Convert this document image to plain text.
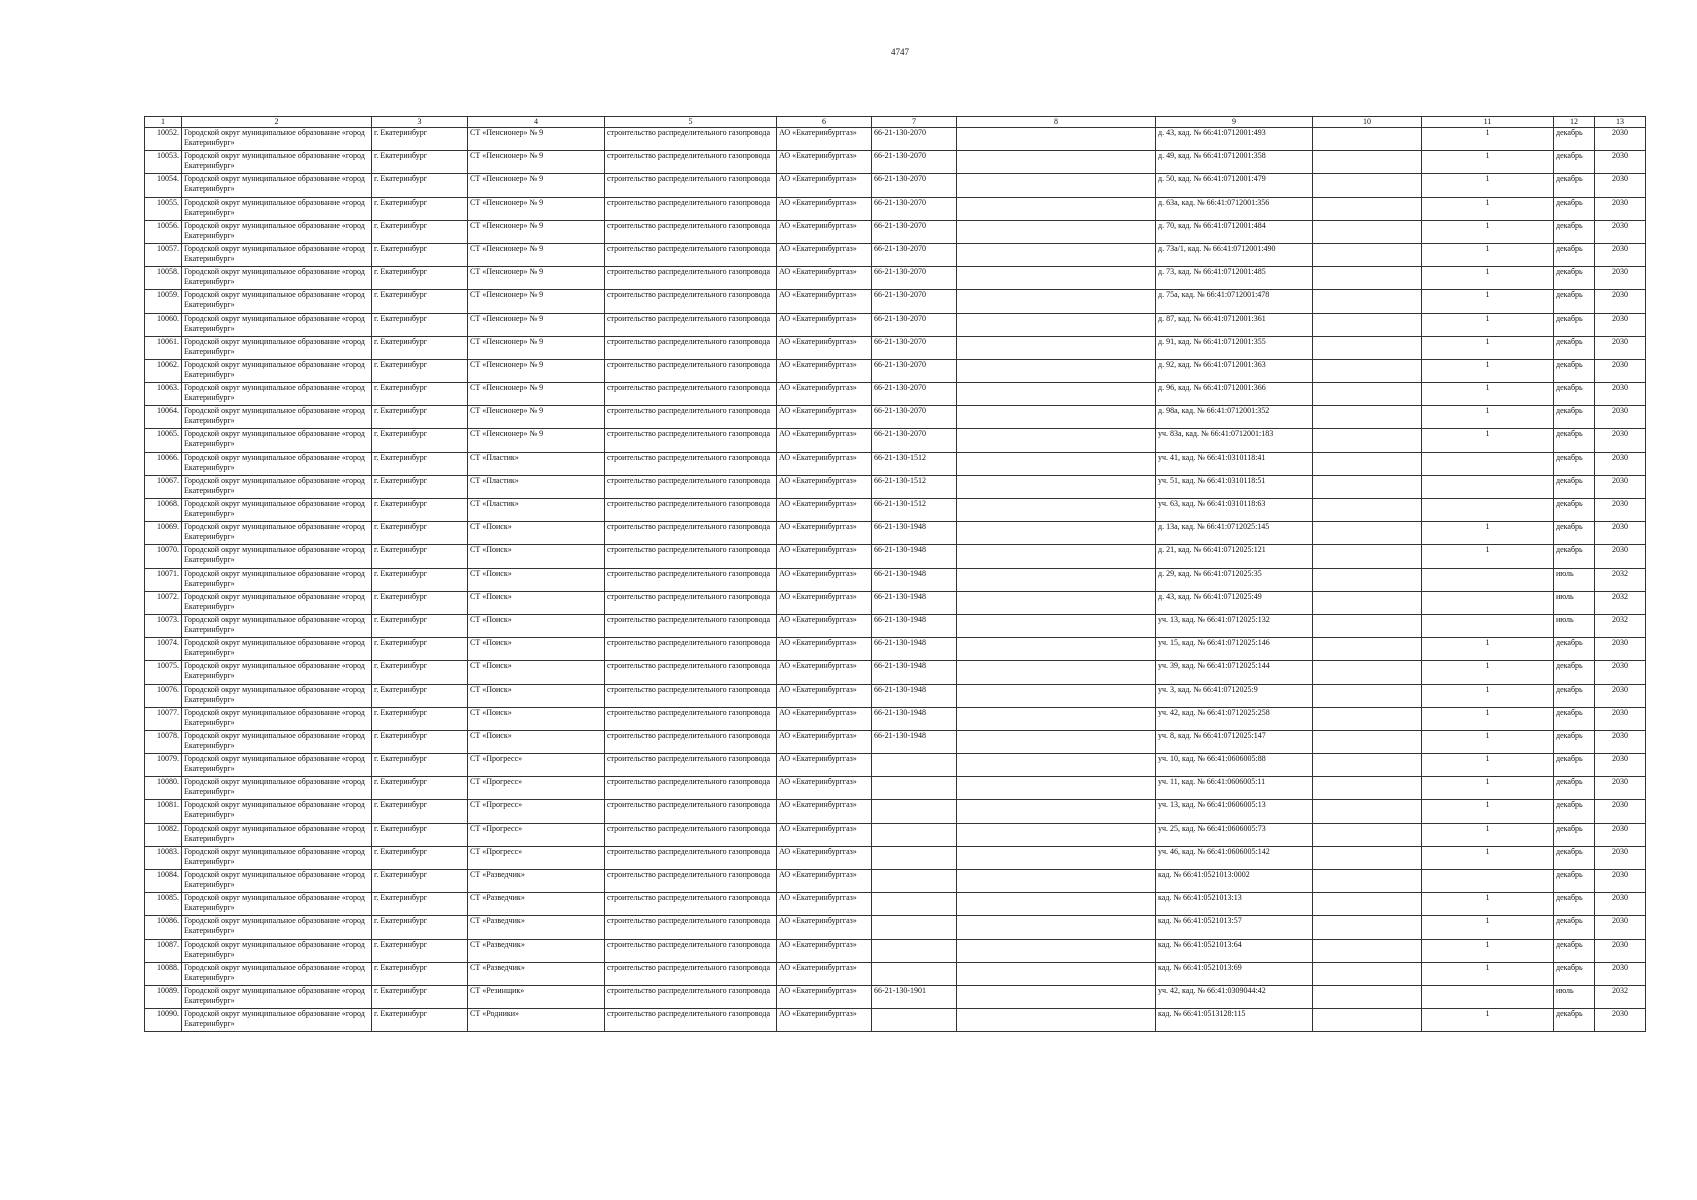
4747
1	2	3	4	5	6	7	8	9	10	11	12	13
10052.	Городской округ муниципальное образование «город Екатеринбург»	г. Екатеринбург	СТ «Пенсионер» № 9	строительство распределительного газопровода	АО «Екатеринбурггаз»	66-21-130-2070		д. 43, кад. № 66:41:0712001:493		1	декабрь	2030
10053.	Городской округ муниципальное образование «город Екатеринбург»	г. Екатеринбург	СТ «Пенсионер» № 9	строительство распределительного газопровода	АО «Екатеринбурггаз»	66-21-130-2070		д. 49, кад. № 66:41:0712001:358		1	декабрь	2030
10054.	Городской округ муниципальное образование «город Екатеринбург»	г. Екатеринбург	СТ «Пенсионер» № 9	строительство распределительного газопровода	АО «Екатеринбурггаз»	66-21-130-2070		д. 50, кад. № 66:41:0712001:479		1	декабрь	2030
10055.	Городской округ муниципальное образование «город Екатеринбург»	г. Екатеринбург	СТ «Пенсионер» № 9	строительство распределительного газопровода	АО «Екатеринбурггаз»	66-21-130-2070		д. 63а, кад. № 66:41:0712001:356		1	декабрь	2030
10056.	Городской округ муниципальное образование «город Екатеринбург»	г. Екатеринбург	СТ «Пенсионер» № 9	строительство распределительного газопровода	АО «Екатеринбурггаз»	66-21-130-2070		д. 70, кад. № 66:41:0712001:484		1	декабрь	2030
10057.	Городской округ муниципальное образование «город Екатеринбург»	г. Екатеринбург	СТ «Пенсионер» № 9	строительство распределительного газопровода	АО «Екатеринбурггаз»	66-21-130-2070		д. 73а/1, кад. № 66:41:0712001:490		1	декабрь	2030
10058.	Городской округ муниципальное образование «город Екатеринбург»	г. Екатеринбург	СТ «Пенсионер» № 9	строительство распределительного газопровода	АО «Екатеринбурггаз»	66-21-130-2070		д. 73, кад. № 66:41:0712001:485		1	декабрь	2030
10059.	Городской округ муниципальное образование «город Екатеринбург»	г. Екатеринбург	СТ «Пенсионер» № 9	строительство распределительного газопровода	АО «Екатеринбурггаз»	66-21-130-2070		д. 75а, кад. № 66:41:0712001:478		1	декабрь	2030
10060.	Городской округ муниципальное образование «город Екатеринбург»	г. Екатеринбург	СТ «Пенсионер» № 9	строительство распределительного газопровода	АО «Екатеринбурггаз»	66-21-130-2070		д. 87, кад. № 66:41:0712001:361		1	декабрь	2030
10061.	Городской округ муниципальное образование «город Екатеринбург»	г. Екатеринбург	СТ «Пенсионер» № 9	строительство распределительного газопровода	АО «Екатеринбурггаз»	66-21-130-2070		д. 91, кад. № 66:41:0712001:355		1	декабрь	2030
10062.	Городской округ муниципальное образование «город Екатеринбург»	г. Екатеринбург	СТ «Пенсионер» № 9	строительство распределительного газопровода	АО «Екатеринбурггаз»	66-21-130-2070		д. 92, кад. № 66:41:0712001:363		1	декабрь	2030
10063.	Городской округ муниципальное образование «город Екатеринбург»	г. Екатеринбург	СТ «Пенсионер» № 9	строительство распределительного газопровода	АО «Екатеринбурггаз»	66-21-130-2070		д. 96, кад. № 66:41:0712001:366		1	декабрь	2030
10064.	Городской округ муниципальное образование «город Екатеринбург»	г. Екатеринбург	СТ «Пенсионер» № 9	строительство распределительного газопровода	АО «Екатеринбурггаз»	66-21-130-2070		д. 98а, кад. № 66:41:0712001:352		1	декабрь	2030
10065.	Городской округ муниципальное образование «город Екатеринбург»	г. Екатеринбург	СТ «Пенсионер» № 9	строительство распределительного газопровода	АО «Екатеринбурггаз»	66-21-130-2070		уч. 83а, кад. № 66:41:0712001:183		1	декабрь	2030
10066.	Городской округ муниципальное образование «город Екатеринбург»	г. Екатеринбург	СТ «Пластик»	строительство распределительного газопровода	АО «Екатеринбурггаз»	66-21-130-1512		уч. 41, кад. № 66:41:0310118:41			декабрь	2030
10067.	Городской округ муниципальное образование «город Екатеринбург»	г. Екатеринбург	СТ «Пластик»	строительство распределительного газопровода	АО «Екатеринбурггаз»	66-21-130-1512		уч. 51, кад. № 66:41:0310118:51			декабрь	2030
10068.	Городской округ муниципальное образование «город Екатеринбург»	г. Екатеринбург	СТ «Пластик»	строительство распределительного газопровода	АО «Екатеринбурггаз»	66-21-130-1512		уч. 63, кад. № 66:41:0310118:63			декабрь	2030
10069.	Городской округ муниципальное образование «город Екатеринбург»	г. Екатеринбург	СТ «Поиск»	строительство распределительного газопровода	АО «Екатеринбурггаз»	66-21-130-1948		д. 13а, кад. № 66:41:0712025:145		1	декабрь	2030
10070.	Городской округ муниципальное образование «город Екатеринбург»	г. Екатеринбург	СТ «Поиск»	строительство распределительного газопровода	АО «Екатеринбурггаз»	66-21-130-1948		д. 21, кад. № 66:41:0712025:121		1	декабрь	2030
10071.	Городской округ муниципальное образование «город Екатеринбург»	г. Екатеринбург	СТ «Поиск»	строительство распределительного газопровода	АО «Екатеринбурггаз»	66-21-130-1948		д. 29, кад. № 66:41:0712025:35			июль	2032
10072.	Городской округ муниципальное образование «город Екатеринбург»	г. Екатеринбург	СТ «Поиск»	строительство распределительного газопровода	АО «Екатеринбурггаз»	66-21-130-1948		д. 43, кад. № 66:41:0712025:49			июль	2032
10073.	Городской округ муниципальное образование «город Екатеринбург»	г. Екатеринбург	СТ «Поиск»	строительство распределительного газопровода	АО «Екатеринбурггаз»	66-21-130-1948		уч. 13, кад. № 66:41:0712025:132			июль	2032
10074.	Городской округ муниципальное образование «город Екатеринбург»	г. Екатеринбург	СТ «Поиск»	строительство распределительного газопровода	АО «Екатеринбурггаз»	66-21-130-1948		уч. 15, кад. № 66:41:0712025:146		1	декабрь	2030
10075.	Городской округ муниципальное образование «город Екатеринбург»	г. Екатеринбург	СТ «Поиск»	строительство распределительного газопровода	АО «Екатеринбурггаз»	66-21-130-1948		уч. 39, кад. № 66:41:0712025:144		1	декабрь	2030
10076.	Городской округ муниципальное образование «город Екатеринбург»	г. Екатеринбург	СТ «Поиск»	строительство распределительного газопровода	АО «Екатеринбурггаз»	66-21-130-1948		уч. 3, кад. № 66:41:0712025:9		1	декабрь	2030
10077.	Городской округ муниципальное образование «город Екатеринбург»	г. Екатеринбург	СТ «Поиск»	строительство распределительного газопровода	АО «Екатеринбурггаз»	66-21-130-1948		уч. 42, кад. № 66:41:0712025:258		1	декабрь	2030
10078.	Городской округ муниципальное образование «город Екатеринбург»	г. Екатеринбург	СТ «Поиск»	строительство распределительного газопровода	АО «Екатеринбурггаз»	66-21-130-1948		уч. 8, кад. № 66:41:0712025:147		1	декабрь	2030
10079.	Городской округ муниципальное образование «город Екатеринбург»	г. Екатеринбург	СТ «Прогресс»	строительство распределительного газопровода	АО «Екатеринбурггаз»			уч. 10, кад. № 66:41:0606005:88		1	декабрь	2030
10080.	Городской округ муниципальное образование «город Екатеринбург»	г. Екатеринбург	СТ «Прогресс»	строительство распределительного газопровода	АО «Екатеринбурггаз»			уч. 11, кад. № 66:41:0606005:11		1	декабрь	2030
10081.	Городской округ муниципальное образование «город Екатеринбург»	г. Екатеринбург	СТ «Прогресс»	строительство распределительного газопровода	АО «Екатеринбурггаз»			уч. 13, кад. № 66:41:0606005:13		1	декабрь	2030
10082.	Городской округ муниципальное образование «город Екатеринбург»	г. Екатеринбург	СТ «Прогресс»	строительство распределительного газопровода	АО «Екатеринбурггаз»			уч. 25, кад. № 66:41:0606005:73		1	декабрь	2030
10083.	Городской округ муниципальное образование «город Екатеринбург»	г. Екатеринбург	СТ «Прогресс»	строительство распределительного газопровода	АО «Екатеринбурггаз»			уч. 46, кад. № 66:41:0606005:142		1	декабрь	2030
10084.	Городской округ муниципальное образование «город Екатеринбург»	г. Екатеринбург	СТ «Разведчик»	строительство распределительного газопровода	АО «Екатеринбурггаз»			кад. № 66:41:0521013:0002			декабрь	2030
10085.	Городской округ муниципальное образование «город Екатеринбург»	г. Екатеринбург	СТ «Разведчик»	строительство распределительного газопровода	АО «Екатеринбурггаз»			кад. № 66:41:0521013:13		1	декабрь	2030
10086.	Городской округ муниципальное образование «город Екатеринбург»	г. Екатеринбург	СТ «Разведчик»	строительство распределительного газопровода	АО «Екатеринбурггаз»			кад. № 66:41:0521013:57		1	декабрь	2030
10087.	Городской округ муниципальное образование «город Екатеринбург»	г. Екатеринбург	СТ «Разведчик»	строительство распределительного газопровода	АО «Екатеринбурггаз»			кад. № 66:41:0521013:64		1	декабрь	2030
10088.	Городской округ муниципальное образование «город Екатеринбург»	г. Екатеринбург	СТ «Разведчик»	строительство распределительного газопровода	АО «Екатеринбурггаз»			кад. № 66:41:0521013:69		1	декабрь	2030
10089.	Городской округ муниципальное образование «город Екатеринбург»	г. Екатеринбург	СТ «Резинщик»	строительство распределительного газопровода	АО «Екатеринбурггаз»	66-21-130-1901		уч. 42, кад. № 66:41:0309044:42			июль	2032
10090.	Городской округ муниципальное образование «город Екатеринбург»	г. Екатеринбург	СТ «Родники»	строительство распределительного газопровода	АО «Екатеринбурггаз»			кад. № 66:41:0513128:115		1	декабрь	2030
